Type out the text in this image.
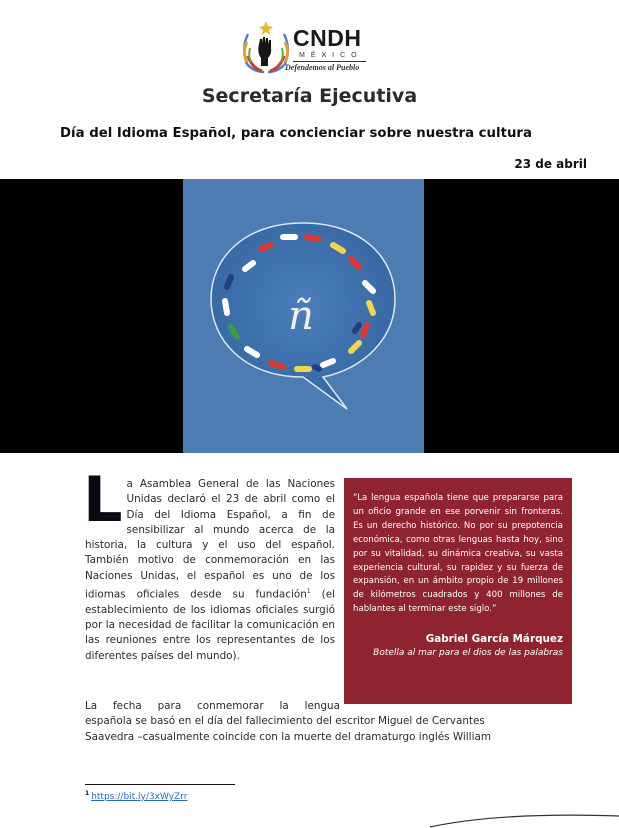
CNDH
MÉXICO
Defendemos al Pueblo
Secretaría Ejecutiva
Día del Idioma Español, para concienciar sobre nuestra cultura
23 de abril
ñ
La Asamblea General de las Naciones Unidas declaró el 23 de abril como el Día del Idioma Español, a fin de sensibilizar al mundo acerca de la historia, la cultura y el uso del español. También motivo de conmemoración en las Naciones Unidas, el español es uno de los idiomas oficiales desde su fundación$^1$ (el establecimiento de los idiomas oficiales surgió por la necesidad de facilitar la comunicación en las reuniones entre los representantes de los diferentes países del mundo).
“La lengua española tiene que prepararse para un oficio grande en ese porvenir sin fronteras. Es un derecho histórico. No por su prepotencia económica, como otras lenguas hasta hoy, sino por su vitalidad, su dinámica creativa, su vasta experiencia cultural, su rapidez y su fuerza de expansión, en un ámbito propio de 19 millones de kilómetros cuadrados y 400 millones de hablantes al terminar este siglo.”
Gabriel García Márquez
Botella al mar para el dios de las palabras
La fecha para conmemorar la lengua
española se basó en el día del fallecimiento del escritor Miguel de Cervantes Saavedra –casualmente coincide con la muerte del dramaturgo inglés William
$^1$ https://bit.ly/3xWyZrr
